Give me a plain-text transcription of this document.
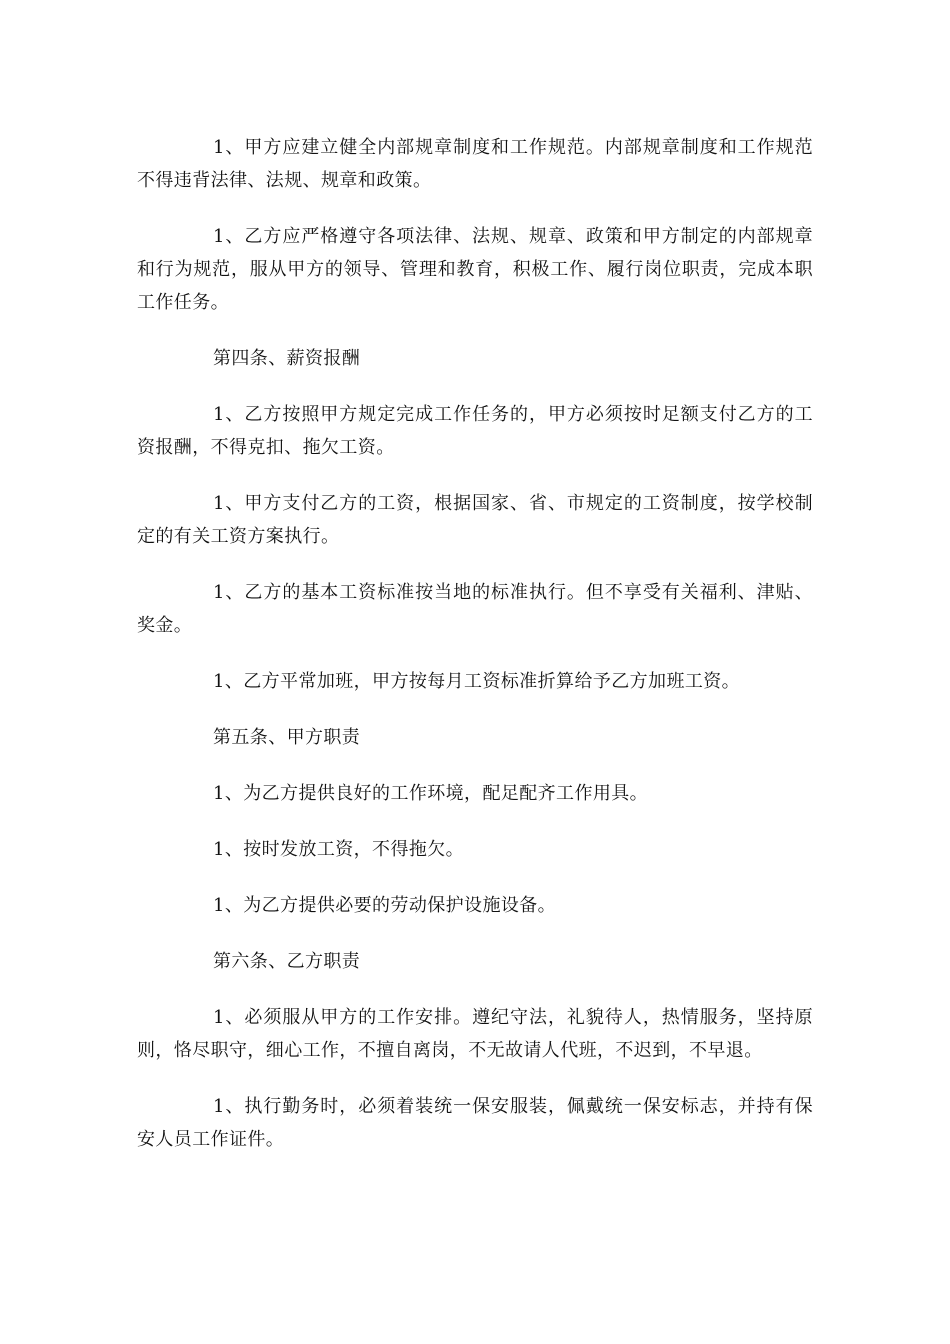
1、甲方应建立健全内部规章制度和工作规范。内部规章制度和工作规范不得违背法律、法规、规章和政策。

1、乙方应严格遵守各项法律、法规、规章、政策和甲方制定的内部规章和行为规范，服从甲方的领导、管理和教育，积极工作、履行岗位职责，完成本职工作任务。

第四条、薪资报酬

1、乙方按照甲方规定完成工作任务的，甲方必须按时足额支付乙方的工资报酬，不得克扣、拖欠工资。

1、甲方支付乙方的工资，根据国家、省、市规定的工资制度，按学校制定的有关工资方案执行。

1、乙方的基本工资标准按当地的标准执行。但不享受有关福利、津贴、奖金。

1、乙方平常加班，甲方按每月工资标准折算给予乙方加班工资。

第五条、甲方职责

1、为乙方提供良好的工作环境，配足配齐工作用具。

1、按时发放工资，不得拖欠。

1、为乙方提供必要的劳动保护设施设备。

第六条、乙方职责

1、必须服从甲方的工作安排。遵纪守法，礼貌待人，热情服务，坚持原则，恪尽职守，细心工作，不擅自离岗，不无故请人代班，不迟到，不早退。

1、执行勤务时，必须着装统一保安服装，佩戴统一保安标志，并持有保安人员工作证件。
